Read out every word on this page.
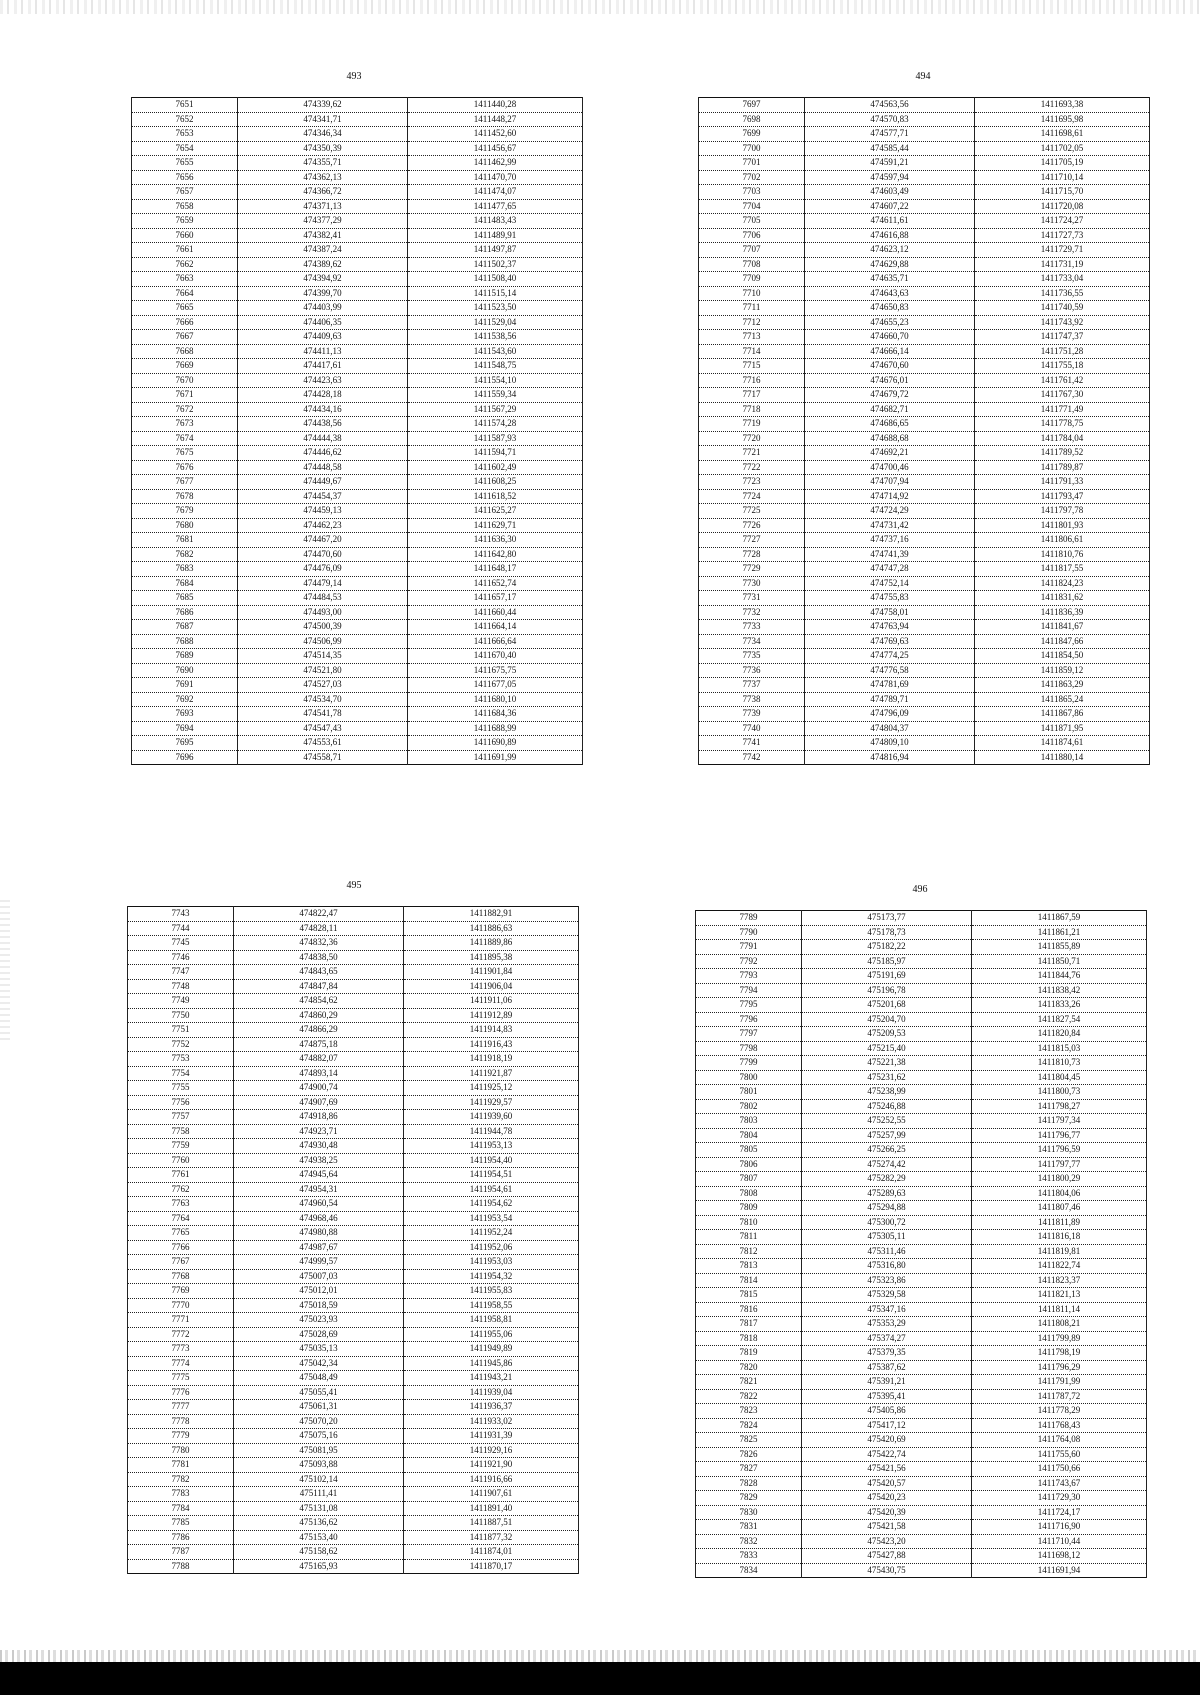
493
7651	474339,62	1411440,28
7652	474341,71	1411448,27
7653	474346,34	1411452,60
7654	474350,39	1411456,67
7655	474355,71	1411462,99
7656	474362,13	1411470,70
7657	474366,72	1411474,07
7658	474371,13	1411477,65
7659	474377,29	1411483,43
7660	474382,41	1411489,91
7661	474387,24	1411497,87
7662	474389,62	1411502,37
7663	474394,92	1411508,40
7664	474399,70	1411515,14
7665	474403,99	1411523,50
7666	474406,35	1411529,04
7667	474409,63	1411538,56
7668	474411,13	1411543,60
7669	474417,61	1411548,75
7670	474423,63	1411554,10
7671	474428,18	1411559,34
7672	474434,16	1411567,29
7673	474438,56	1411574,28
7674	474444,38	1411587,93
7675	474446,62	1411594,71
7676	474448,58	1411602,49
7677	474449,67	1411608,25
7678	474454,37	1411618,52
7679	474459,13	1411625,27
7680	474462,23	1411629,71
7681	474467,20	1411636,30
7682	474470,60	1411642,80
7683	474476,09	1411648,17
7684	474479,14	1411652,74
7685	474484,53	1411657,17
7686	474493,00	1411660,44
7687	474500,39	1411664,14
7688	474506,99	1411666,64
7689	474514,35	1411670,40
7690	474521,80	1411675,75
7691	474527,03	1411677,05
7692	474534,70	1411680,10
7693	474541,78	1411684,36
7694	474547,43	1411688,99
7695	474553,61	1411690,89
7696	474558,71	1411691,99
494
7697	474563,56	1411693,38
7698	474570,83	1411695,98
7699	474577,71	1411698,61
7700	474585,44	1411702,05
7701	474591,21	1411705,19
7702	474597,94	1411710,14
7703	474603,49	1411715,70
7704	474607,22	1411720,08
7705	474611,61	1411724,27
7706	474616,88	1411727,73
7707	474623,12	1411729,71
7708	474629,88	1411731,19
7709	474635,71	1411733,04
7710	474643,63	1411736,55
7711	474650,83	1411740,59
7712	474655,23	1411743,92
7713	474660,70	1411747,37
7714	474666,14	1411751,28
7715	474670,60	1411755,18
7716	474676,01	1411761,42
7717	474679,72	1411767,30
7718	474682,71	1411771,49
7719	474686,65	1411778,75
7720	474688,68	1411784,04
7721	474692,21	1411789,52
7722	474700,46	1411789,87
7723	474707,94	1411791,33
7724	474714,92	1411793,47
7725	474724,29	1411797,78
7726	474731,42	1411801,93
7727	474737,16	1411806,61
7728	474741,39	1411810,76
7729	474747,28	1411817,55
7730	474752,14	1411824,23
7731	474755,83	1411831,62
7732	474758,01	1411836,39
7733	474763,94	1411841,67
7734	474769,63	1411847,66
7735	474774,25	1411854,50
7736	474776,58	1411859,12
7737	474781,69	1411863,29
7738	474789,71	1411865,24
7739	474796,09	1411867,86
7740	474804,37	1411871,95
7741	474809,10	1411874,61
7742	474816,94	1411880,14
495
7743	474822,47	1411882,91
7744	474828,11	1411886,63
7745	474832,36	1411889,86
7746	474838,50	1411895,38
7747	474843,65	1411901,84
7748	474847,84	1411906,04
7749	474854,62	1411911,06
7750	474860,29	1411912,89
7751	474866,29	1411914,83
7752	474875,18	1411916,43
7753	474882,07	1411918,19
7754	474893,14	1411921,87
7755	474900,74	1411925,12
7756	474907,69	1411929,57
7757	474918,86	1411939,60
7758	474923,71	1411944,78
7759	474930,48	1411953,13
7760	474938,25	1411954,40
7761	474945,64	1411954,51
7762	474954,31	1411954,61
7763	474960,54	1411954,62
7764	474968,46	1411953,54
7765	474980,88	1411952,24
7766	474987,67	1411952,06
7767	474999,57	1411953,03
7768	475007,03	1411954,32
7769	475012,01	1411955,83
7770	475018,59	1411958,55
7771	475023,93	1411958,81
7772	475028,69	1411955,06
7773	475035,13	1411949,89
7774	475042,34	1411945,86
7775	475048,49	1411943,21
7776	475055,41	1411939,04
7777	475061,31	1411936,37
7778	475070,20	1411933,02
7779	475075,16	1411931,39
7780	475081,95	1411929,16
7781	475093,88	1411921,90
7782	475102,14	1411916,66
7783	475111,41	1411907,61
7784	475131,08	1411891,40
7785	475136,62	1411887,51
7786	475153,40	1411877,32
7787	475158,62	1411874,01
7788	475165,93	1411870,17
496
7789	475173,77	1411867,59
7790	475178,73	1411861,21
7791	475182,22	1411855,89
7792	475185,97	1411850,71
7793	475191,69	1411844,76
7794	475196,78	1411838,42
7795	475201,68	1411833,26
7796	475204,70	1411827,54
7797	475209,53	1411820,84
7798	475215,40	1411815,03
7799	475221,38	1411810,73
7800	475231,62	1411804,45
7801	475238,99	1411800,73
7802	475246,88	1411798,27
7803	475252,55	1411797,34
7804	475257,99	1411796,77
7805	475266,25	1411796,59
7806	475274,42	1411797,77
7807	475282,29	1411800,29
7808	475289,63	1411804,06
7809	475294,88	1411807,46
7810	475300,72	1411811,89
7811	475305,11	1411816,18
7812	475311,46	1411819,81
7813	475316,80	1411822,74
7814	475323,86	1411823,37
7815	475329,58	1411821,13
7816	475347,16	1411811,14
7817	475353,29	1411808,21
7818	475374,27	1411799,89
7819	475379,35	1411798,19
7820	475387,62	1411796,29
7821	475391,21	1411791,99
7822	475395,41	1411787,72
7823	475405,86	1411778,29
7824	475417,12	1411768,43
7825	475420,69	1411764,08
7826	475422,74	1411755,60
7827	475421,56	1411750,66
7828	475420,57	1411743,67
7829	475420,23	1411729,30
7830	475420,39	1411724,17
7831	475421,58	1411716,90
7832	475423,20	1411710,44
7833	475427,88	1411698,12
7834	475430,75	1411691,94
